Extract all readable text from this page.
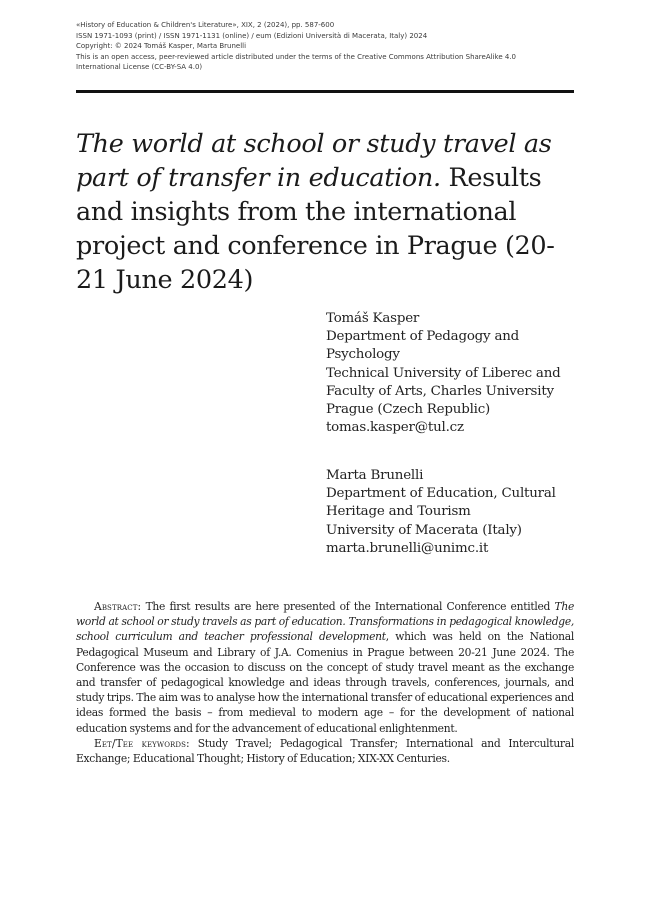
«History of Education & Children's Literature», XIX, 2 (2024), pp. 587-600
ISSN 1971-1093 (print) / ISSN 1971-1131 (online) / eum (Edizioni Università di Macerata, Italy) 2024
Copyright: © 2024 Tomáš Kasper, Marta Brunelli
This is an open access, peer-reviewed article distributed under the terms of the Creative Commons Attribution ShareAlike 4.0
International License (CC-BY-SA 4.0)
The world at school or study travel as part of transfer in education. Results and insights from the international project and conference in Prague (20-21 June 2024)
Tomáš Kasper
Department of Pedagogy and
Psychology
Technical University of Liberec and
Faculty of Arts, Charles University
Prague (Czech Republic)
tomas.kasper@tul.cz
Marta Brunelli
Department of Education, Cultural
Heritage and Tourism
University of Macerata (Italy)
marta.brunelli@unimc.it

Abstract: The first results are here presented of the International Conference entitled The world at school or study travels as part of education. Transformations in pedagogical knowledge, school curriculum and teacher professional development, which was held on the National Pedagogical Museum and Library of J.A. Comenius in Prague between 20-21 June 2024. The Conference was the occasion to discuss on the concept of study travel meant as the exchange and transfer of pedagogical knowledge and ideas through travels, conferences, journals, and study trips. The aim was to analyse how the international transfer of educational experiences and ideas formed the basis – from medieval to modern age – for the development of national education systems and for the advancement of educational enlightenment.

Eet/Tee keywords: Study Travel; Pedagogical Transfer; International and Intercultural Exchange; Educational Thought; History of Education; XIX-XX Centuries.
